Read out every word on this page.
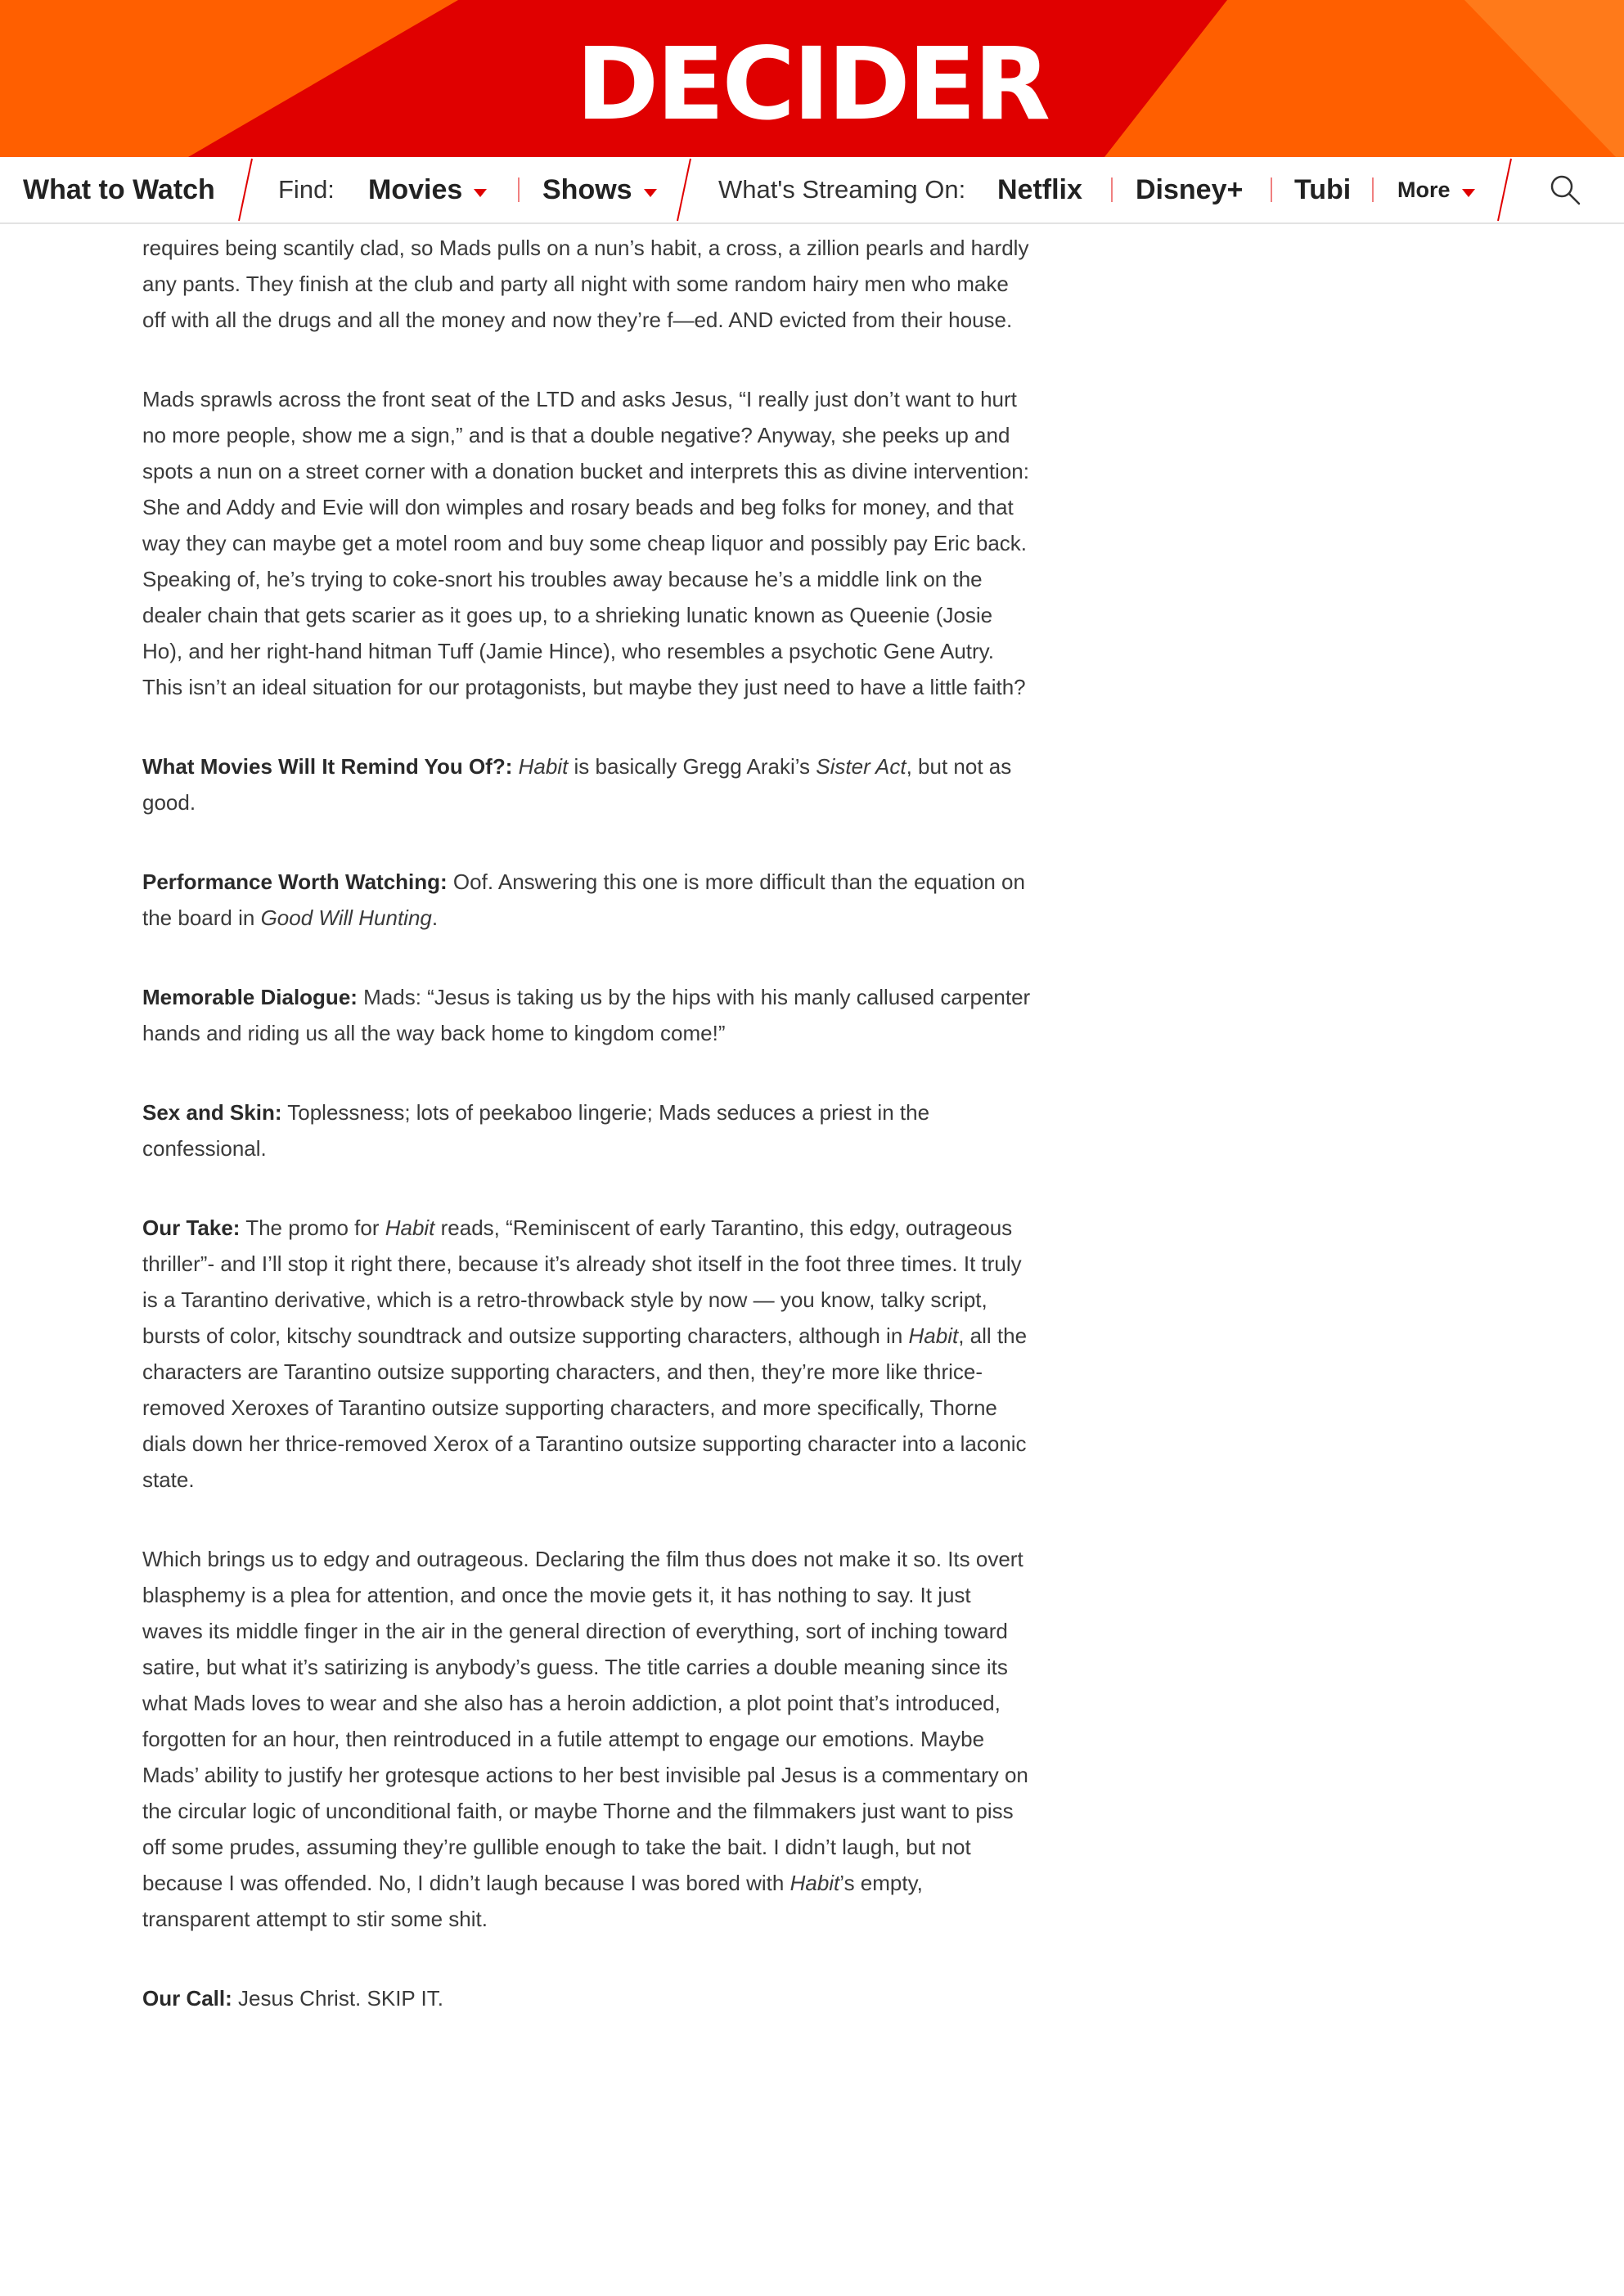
DECIDER
What to Watch Find: Movies	Shows	What's Streaming On: Netflix Disney+ Tubi More

requires being scantily clad, so Mads pulls on a nun’s habit, a cross, a zillion pearls and hardly any pants. They finish at the club and party all night with some random hairy men who make off with all the drugs and all the money and now they’re f—ed. AND evicted from their house.

Mads sprawls across the front seat of the LTD and asks Jesus, “I really just don’t want to hurt no more people, show me a sign,” and is that a double negative? Anyway, she peeks up and spots a nun on a street corner with a donation bucket and interprets this as divine intervention: She and Addy and Evie will don wimples and rosary beads and beg folks for money, and that way they can maybe get a motel room and buy some cheap liquor and possibly pay Eric back. Speaking of, he’s trying to coke-snort his troubles away because he’s a middle link on the dealer chain that gets scarier as it goes up, to a shrieking lunatic known as Queenie (Josie Ho), and her right-hand hitman Tuff (Jamie Hince), who resembles a psychotic Gene Autry. This isn’t an ideal situation for our protagonists, but maybe they just need to have a little faith?

What Movies Will It Remind You Of?: Habit is basically Gregg Araki’s Sister Act, but not as good.

Performance Worth Watching: Oof. Answering this one is more difficult than the equation on the board in Good Will Hunting.

Memorable Dialogue: Mads: “Jesus is taking us by the hips with his manly callused carpenter hands and riding us all the way back home to kingdom come!”

Sex and Skin: Toplessness; lots of peekaboo lingerie; Mads seduces a priest in the confessional.

Our Take: The promo for Habit reads, “Reminiscent of early Tarantino, this edgy, outrageous thriller”- and I’ll stop it right there, because it’s already shot itself in the foot three times. It truly is a Tarantino derivative, which is a retro-throwback style by now — you know, talky script, bursts of color, kitschy soundtrack and outsize supporting characters, although in Habit, all the characters are Tarantino outsize supporting characters, and then, they’re more like thrice-removed Xeroxes of Tarantino outsize supporting characters, and more specifically, Thorne dials down her thrice-removed Xerox of a Tarantino outsize supporting character into a laconic state.

Which brings us to edgy and outrageous. Declaring the film thus does not make it so. Its overt blasphemy is a plea for attention, and once the movie gets it, it has nothing to say. It just waves its middle finger in the air in the general direction of everything, sort of inching toward satire, but what it’s satirizing is anybody’s guess. The title carries a double meaning since its what Mads loves to wear and she also has a heroin addiction, a plot point that’s introduced, forgotten for an hour, then reintroduced in a futile attempt to engage our emotions. Maybe Mads’ ability to justify her grotesque actions to her best invisible pal Jesus is a commentary on the circular logic of unconditional faith, or maybe Thorne and the filmmakers just want to piss off some prudes, assuming they’re gullible enough to take the bait. I didn’t laugh, but not because I was offended. No, I didn’t laugh because I was bored with Habit’s empty, transparent attempt to stir some shit.

Our Call: Jesus Christ. SKIP IT.
